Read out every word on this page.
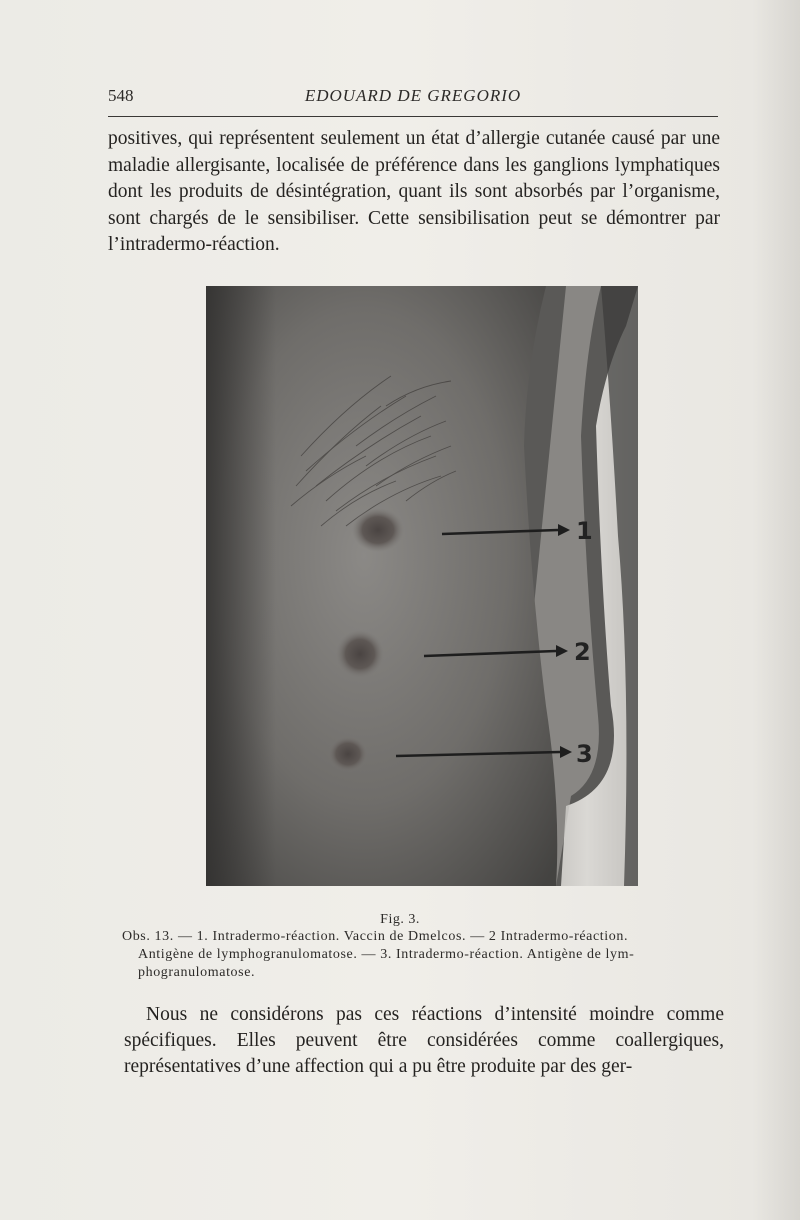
548	EDOUARD DE GREGORIO

positives, qui représentent seulement un état d’allergie cutanée causé par une maladie allergisante, localisée de préférence dans les ganglions lymphatiques dont les produits de désintégration, quant ils sont absorbés par l’organisme, sont chargés de le sensibiliser. Cette sensibilisation peut se démontrer par l’intradermo-réaction.

1
2
3
Fig. 3.
Obs. 13. — 1. Intradermo-réaction. Vaccin de Dmelcos. — 2 Intradermo-réaction.
Antigène de lymphogranulomatose. — 3. Intradermo-réaction. Antigène de lym-
phogranulomatose.

Nous ne considérons pas ces réactions d’intensité moindre comme spécifiques. Elles peuvent être considérées comme coallergiques, représentatives d’une affection qui a pu être produite par des ger-
